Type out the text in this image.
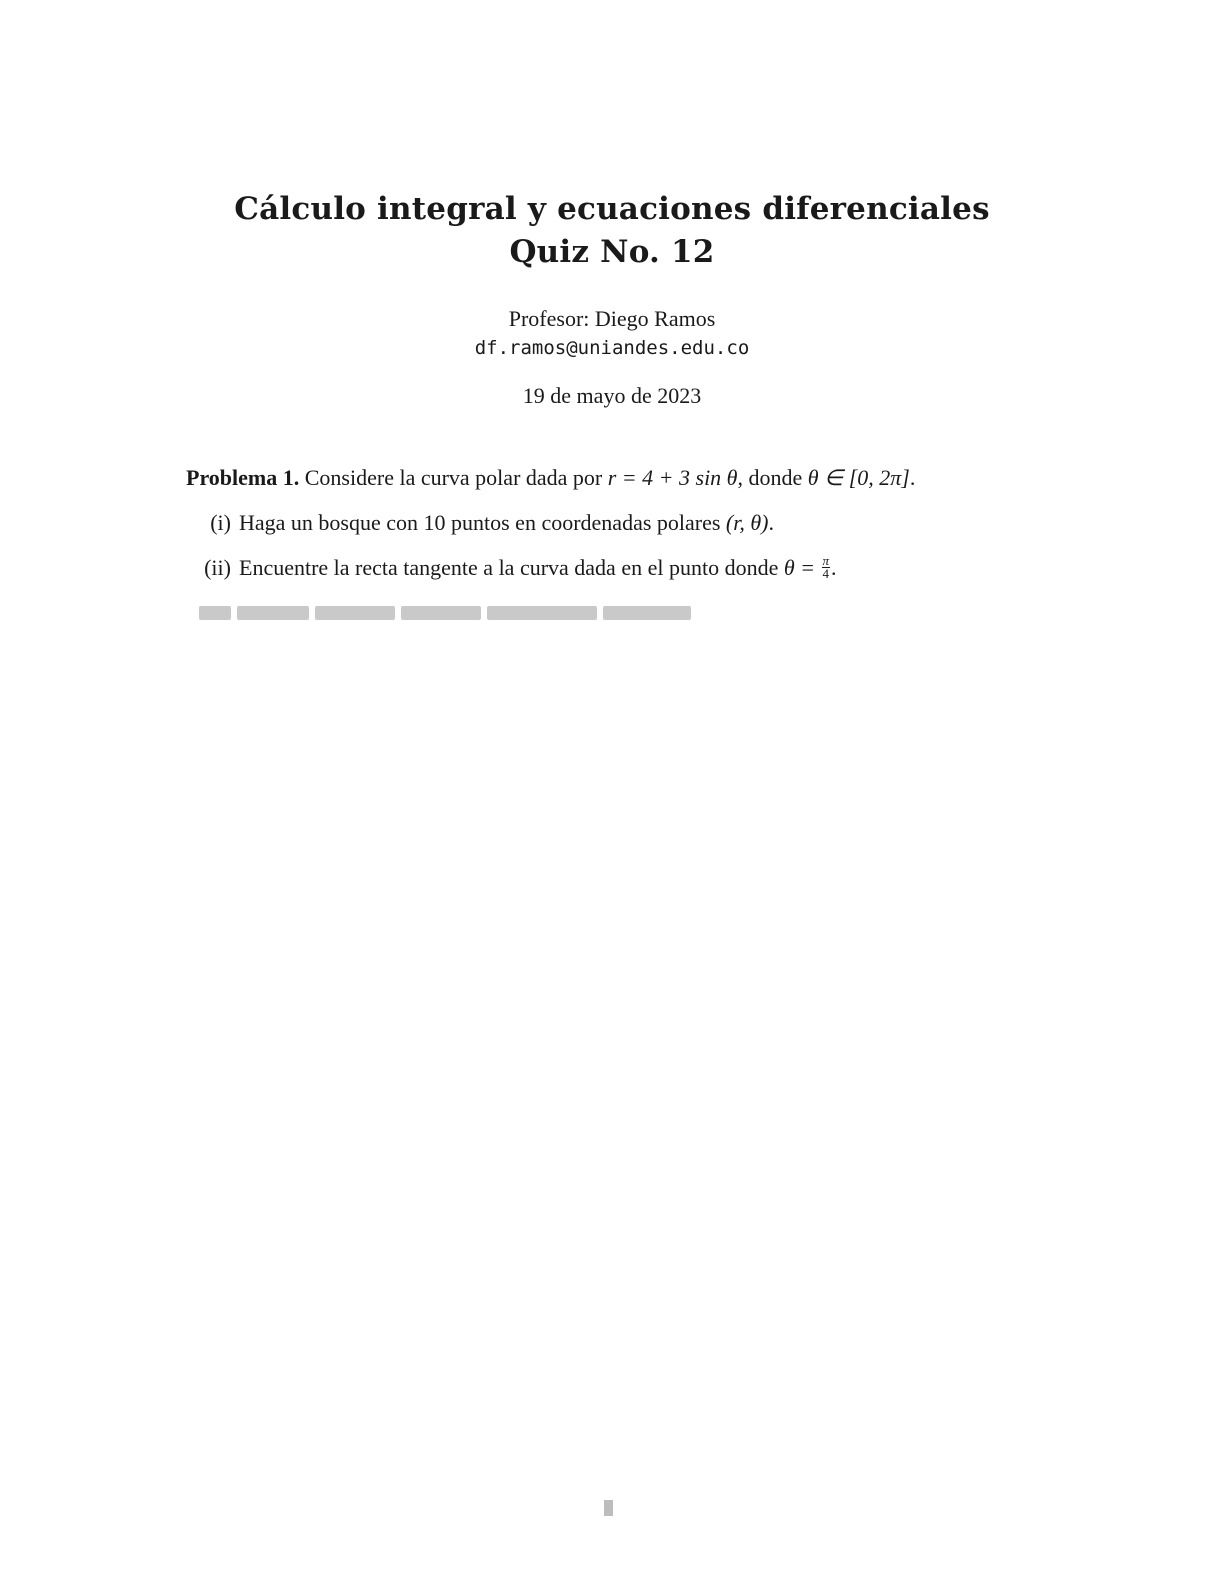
Cálculo integral y ecuaciones diferenciales
Quiz No. 12
Profesor: Diego Ramos
df.ramos@uniandes.edu.co
19 de mayo de 2023
Problema 1. Considere la curva polar dada por r = 4 + 3 sin θ, donde θ ∈ [0, 2π].
(i) Haga un bosque con 10 puntos en coordenadas polares (r, θ).
(ii) Encuentre la recta tangente a la curva dada en el punto donde $\theta = \frac{\pi}{4}$ .
